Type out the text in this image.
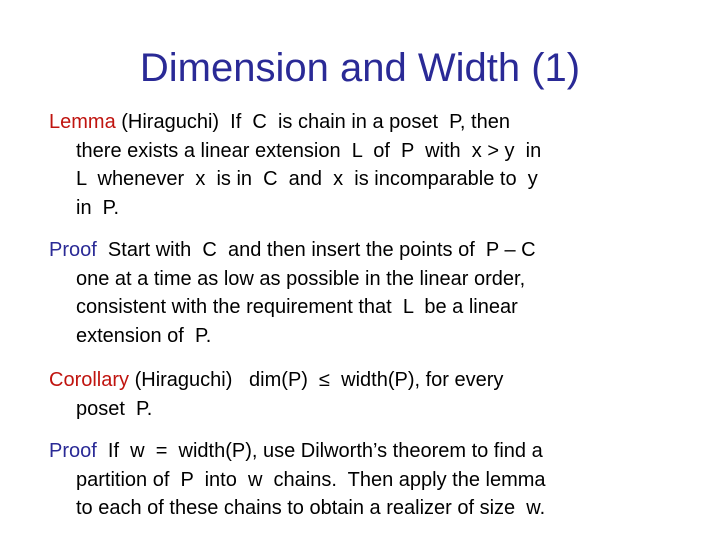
Dimension and Width (1)
Lemma (Hiraguchi)  If  C  is chain in a poset  P, then
there exists a linear extension  L  of  P  with  x > y  in
L  whenever  x  is in  C  and  x  is incomparable to  y
in  P.
Proof  Start with  C  and then insert the points of  P – C
one at a time as low as possible in the linear order,
consistent with the requirement that  L  be a linear
extension of  P.
Corollary (Hiraguchi)   dim(P)  ≤  width(P), for every
poset  P.
Proof  If  w  =  width(P), use Dilworth’s theorem to find a
partition of  P  into  w  chains.  Then apply the lemma
to each of these chains to obtain a realizer of size  w.
